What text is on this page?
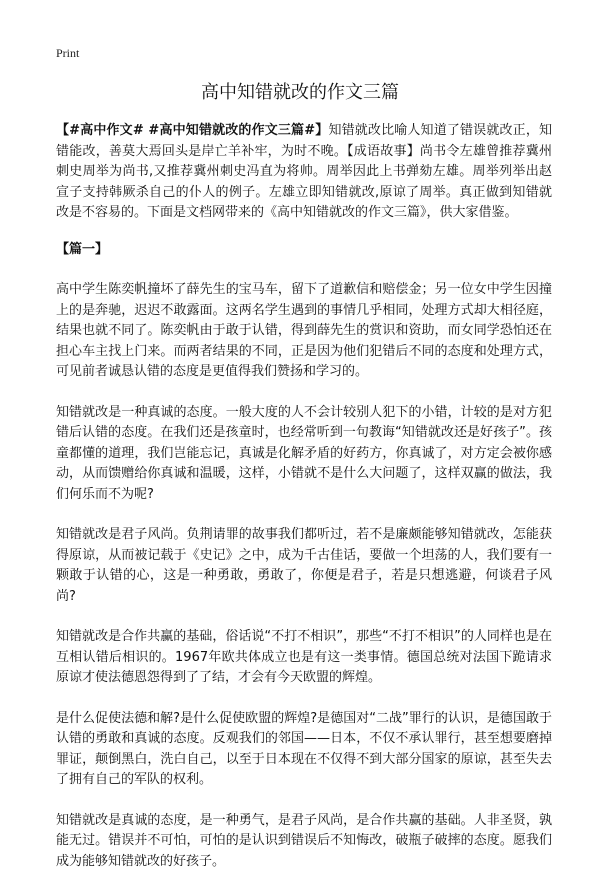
Print
高中知错就改的作文三篇

【#高中作文# #高中知错就改的作文三篇#】知错就改比喻人知道了错误就改正，知错能改，善莫大焉回头是岸亡羊补牢，为时不晚。【成语故事】尚书令左雄曾推荐冀州刺史周举为尚书,又推荐冀州刺史冯直为将帅。周举因此上书弹劾左雄。周举列举出赵宣子支持韩厥杀自己的仆人的例子。左雄立即知错就改,原谅了周举。真正做到知错就改是不容易的。下面是文档网带来的《高中知错就改的作文三篇》，供大家借鉴。

【篇一】

高中学生陈奕帆撞坏了薛先生的宝马车，留下了道歉信和赔偿金；另一位女中学生因撞上的是奔驰，迟迟不敢露面。这两名学生遇到的事情几乎相同，处理方式却大相径庭，结果也就不同了。陈奕帆由于敢于认错，得到薛先生的赏识和资助，而女同学恐怕还在担心车主找上门来。而两者结果的不同，正是因为他们犯错后不同的态度和处理方式，可见前者诚恳认错的态度是更值得我们赞扬和学习的。

知错就改是一种真诚的态度。一般大度的人不会计较别人犯下的小错，计较的是对方犯错后认错的态度。在我们还是孩童时，也经常听到一句教诲“知错就改还是好孩子”。孩童都懂的道理，我们岂能忘记，真诚是化解矛盾的好药方，你真诚了，对方定会被你感动，从而馈赠给你真诚和温暖，这样，小错就不是什么大问题了，这样双赢的做法，我们何乐而不为呢?

知错就改是君子风尚。负荆请罪的故事我们都听过，若不是廉颇能够知错就改，怎能获得原谅，从而被记载于《史记》之中，成为千古佳话，要做一个坦荡的人，我们要有一颗敢于认错的心，这是一种勇敢，勇敢了，你便是君子，若是只想逃避，何谈君子风尚?

知错就改是合作共赢的基础，俗话说“不打不相识”，那些“不打不相识”的人同样也是在互相认错后相识的。1967年欧共体成立也是有这一类事情。德国总统对法国下跪请求原谅才使法德恩怨得到了了结，才会有今天欧盟的辉煌。

是什么促使法德和解?是什么促使欧盟的辉煌?是德国对“二战”罪行的认识，是德国敢于认错的勇敢和真诚的态度。反观我们的邻国——日本，不仅不承认罪行，甚至想要磨掉罪证，颠倒黑白，洗白自己，以至于日本现在不仅得不到大部分国家的原谅，甚至失去了拥有自己的军队的权利。

知错就改是真诚的态度，是一种勇气，是君子风尚，是合作共赢的基础。人非圣贤，孰能无过。错误并不可怕，可怕的是认识到错误后不知悔改，破瓶子破摔的态度。愿我们成为能够知错就改的好孩子。
